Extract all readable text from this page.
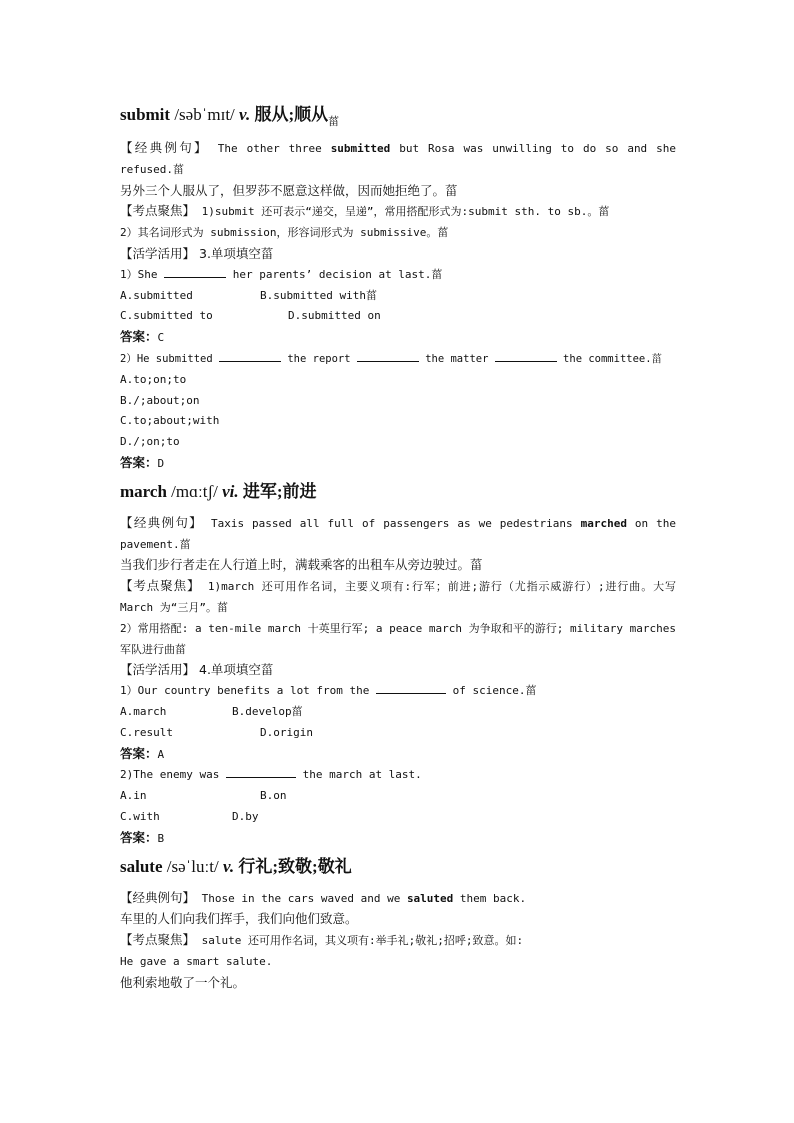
submit /səbˈmɪt/ v. 服从;顺从$_菑$
【经典例句】 The other three submitted but Rosa was unwilling to do so and she refused.菑
另外三个人服从了，但罗莎不愿意这样做，因而她拒绝了。菑
【考点聚焦】 1)submit 还可表示“递交，呈递”，常用搭配形式为:submit sth. to sb.。菑
2）其名词形式为 submission，形容词形式为 submissive。菑
【活学活用】 3.单项填空菑
1）She	her parents’ decision at last.菑
A.submitted	B.submitted with菑
C.submitted to	D.submitted on
答案：C
2）He submitted	the report	the matter	the committee.菑
A.to;on;to
B./;about;on
C.to;about;with
D./;on;to
答案：D
march /mɑːtʃ/ vi. 进军;前进
【经典例句】 Taxis passed all full of passengers as we pedestrians marched on the pavement.菑
当我们步行者走在人行道上时，满载乘客的出租车从旁边驶过。菑
【考点聚焦】 1)march 还可用作名词，主要义项有:行军；前进;游行（尤指示威游行）;进行曲。大写 March 为“三月”。菑
2）常用搭配: a ten-mile march 十英里行军; a peace march 为争取和平的游行; military marches 军队进行曲菑
【活学活用】 4.单项填空菑
1）Our country benefits a lot from the	of science.菑
A.march	B.develop菑
C.result	D.origin
答案：A
2)The enemy was	the march at last.
A.in	B.on
C.with	D.by
答案：B
salute /səˈluːt/ v. 行礼;致敬;敬礼
【经典例句】 Those in the cars waved and we saluted them back.
车里的人们向我们挥手，我们向他们致意。
【考点聚焦】 salute 还可用作名词，其义项有:举手礼;敬礼;招呼;致意。如:
He gave a smart salute.
他利索地敬了一个礼。
